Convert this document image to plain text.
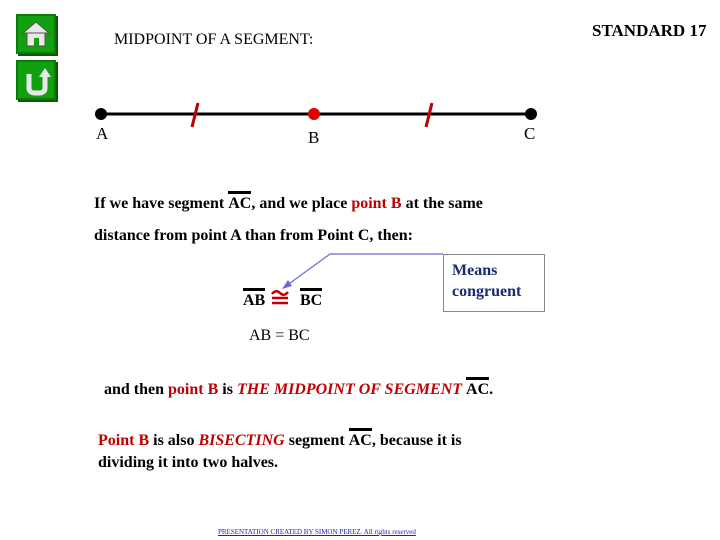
MIDPOINT OF A SEGMENT:	STANDARD 17
A	B	C
If we have segment AC, and we place point B at the same
distance from point A than from Point C, then:
AB BC
Means
congruent
AB = BC
and then point B is THE MIDPOINT OF SEGMENT AC.
Point B is also BISECTING segment AC, because it is
dividing it into two halves.
PRESENTATION CREATED BY SIMON PEREZ. All rights reserved
